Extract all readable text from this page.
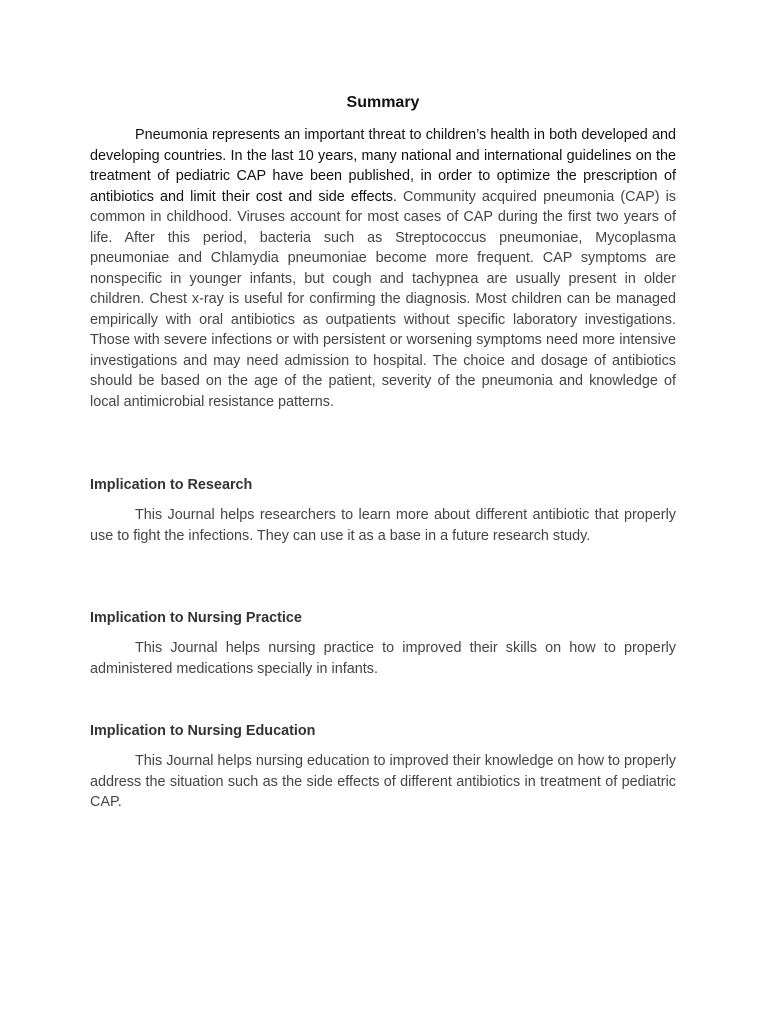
Summary

Pneumonia represents an important threat to children’s health in both developed and developing countries. In the last 10 years, many national and international guidelines on the treatment of pediatric CAP have been published, in order to optimize the prescription of antibiotics and limit their cost and side effects. Community acquired pneumonia (CAP) is common in childhood. Viruses account for most cases of CAP during the first two years of life. After this period, bacteria such as Streptococcus pneumoniae, Mycoplasma pneumoniae and Chlamydia pneumoniae become more frequent. CAP symptoms are nonspecific in younger infants, but cough and tachypnea are usually present in older children. Chest x-ray is useful for confirming the diagnosis. Most children can be managed empirically with oral antibiotics as outpatients without specific laboratory investigations. Those with severe infections or with persistent or worsening symptoms need more intensive investigations and may need admission to hospital. The choice and dosage of antibiotics should be based on the age of the patient, severity of the pneumonia and knowledge of local antimicrobial resistance patterns.

Implication to Research

This Journal helps researchers to learn more about different antibiotic that properly use to fight the infections. They can use it as a base in a future research study.

Implication to Nursing Practice

This Journal helps nursing practice to improved their skills on how to properly administered medications specially in infants.

Implication to Nursing Education

This Journal helps nursing education to improved their knowledge on how to properly address the situation such as the side effects of different antibiotics in treatment of pediatric CAP.
